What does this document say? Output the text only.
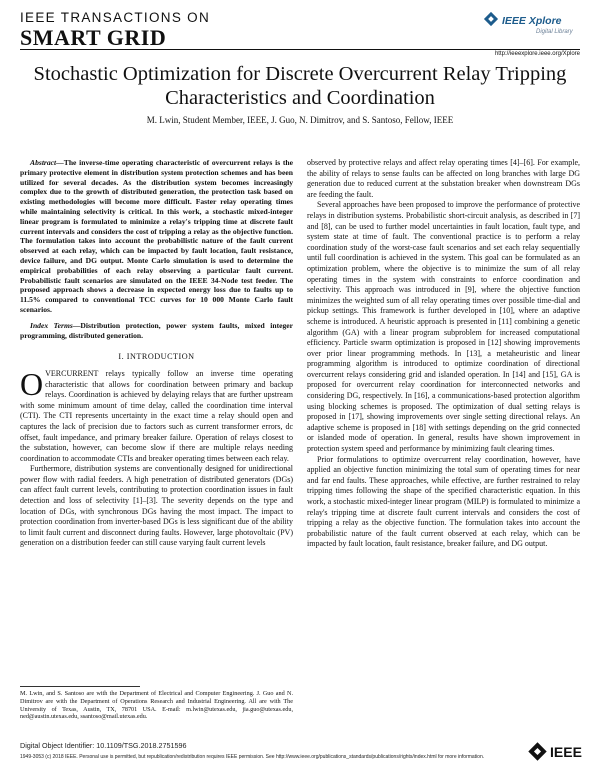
IEEE TRANSACTIONS ON
SMART GRID
IEEE Xplore
Digital Library
http://ieeexplore.ieee.org/Xplore
Stochastic Optimization for Discrete Overcurrent Relay Tripping Characteristics and Coordination
M. Lwin, Student Member, IEEE, J. Guo, N. Dimitrov, and S. Santoso, Fellow, IEEE

Abstract—The inverse-time operating characteristic of overcurrent relays is the primary protective element in distribution system protection schemes and has been utilized for several decades. As the distribution system becomes increasingly complex due to the growth of distributed generation, the protection task based on existing methodologies will become more difficult. Faster relay operating times while maintaining selectivity is critical. In this work, a stochastic mixed-integer linear program is formulated to minimize a relay's tripping time at discrete fault current intervals and considers the cost of tripping a relay as the objective function. The formulation takes into account the probabilistic nature of the fault current observed at each relay, which can be impacted by fault location, fault resistance, device failure, and DG output. Monte Carlo simulation is used to determine the empirical probabilities of each relay observing a particular fault current. Probabilistic fault scenarios are simulated on the IEEE 34-Node test feeder. The proposed approach shows a decrease in expected energy loss due to faults up to 11.5% compared to conventional TCC curves for 10 000 Monte Carlo fault scenarios.

Index Terms—Distribution protection, power system faults, mixed integer programming, distributed generation.

I. INTRODUCTION

OVERCURRENT relays typically follow an inverse time operating characteristic that allows for coordination between primary and backup relays. Coordination is achieved by delaying relays that are further upstream with some minimum amount of time delay, called the coordination time interval (CTI). The CTI represents uncertainty in the exact time a relay should open and captures the lack of precision due to factors such as current transformer errors, dc offset, fault impedance, and primary breaker failure. Operation of relays closest to the substation, however, can become slow if there are multiple relays needing coordination to accommodate CTIs and breaker operating times between each relay.

Furthermore, distribution systems are conventionally designed for unidirectional power flow with radial feeders. A high penetration of distributed generators (DGs) can affect fault current levels, contributing to protection coordination issues in fault detection and loss of selectivity [1]–[3]. The severity depends on the type and location of DGs, with synchronous DGs having the most impact. The impact to protection coordination from inverter-based DGs is less significant due of the ability to limit fault current and disconnect during faults. However, large photovoltaic (PV) generation on a distribution feeder can still cause varying fault current levels

M. Lwin, and S. Santoso are with the Department of Electrical and Computer Engineering. J. Guo and N. Dimitrov are with the Department of Operations Research and Industrial Engineering. All are with The University of Texas, Austin, TX, 78701 USA. E-mail: m.lwin@utexas.edu, jia.guo@utexas.edu, ned@austin.utexas.edu, ssantoso@mail.utexas.edu.

observed by protective relays and affect relay operating times [4]–[6]. For example, the ability of relays to sense faults can be affected on long branches with large DG generation due to reduced current at the substation breaker when downstream DGs are feeding the fault.

Several approaches have been proposed to improve the performance of protective relays in distribution systems. Probabilistic short-circuit analysis, as described in [7] and [8], can be used to further model uncertainties in fault location, fault type, and system state at time of fault. The conventional practice is to perform a relay coordination study of the worst-case fault scenarios and set each relay sequentially until full coordination is achieved in the system. This goal can be formulated as an optimization problem, where the objective is to minimize the sum of all relay operating times in the system with constraints to enforce coordination and selectivity. This approach was introduced in [9], where the objective function minimizes the weighted sum of all relay operating times over possible time-dial and pickup settings. This framework is further developed in [10], where an adaptive scheme is introduced. A heuristic approach is presented in [11] combining a genetic algorithm (GA) with a linear program subproblem for increased computational efficiency. Particle swarm optimization is proposed in [12] showing improvements over prior linear programming methods. In [13], a metaheuristic and linear programming algorithm is introduced to optimize coordination of directional overcurrent relays considering grid and islanded operation. In [14] and [15], GA is proposed for overcurrent relay coordination for interconnected networks and considering DG, respectively. In [16], a communications-based protection algorithm using blocking schemes is proposed. The optimization of dual setting relays is proposed in [17], showing improvements over single setting directional relays. An adaptive scheme is proposed in [18] with settings depending on the grid connected or islanded mode of operation. In general, results have shown improvement in protection system speed and performance by minimizing fault clearing times.

Prior formulations to optimize overcurrent relay coordination, however, have applied an objective function minimizing the total sum of operating times for near and far end faults. These approaches, while effective, are further restrained to relay tripping times following the shape of the specified characteristic equation. In this work, a stochastic mixed-integer linear program (MILP) is formulated to minimize a relay's tripping time at discrete fault current intervals and considers the cost of tripping a relay as the objective function. The formulation takes into account the probabilistic nature of the fault current observed at each relay, which can be impacted by fault location, fault resistance, breaker failure, and DG output.

Digital Object Identifier: 10.1109/TSG.2018.2751596
1949-3053 (c) 2018 IEEE. Personal use is permitted, but republication/redistribution requires IEEE permission. See http://www.ieee.org/publications_standards/publications/rights/index.html for more information.	IEEE
